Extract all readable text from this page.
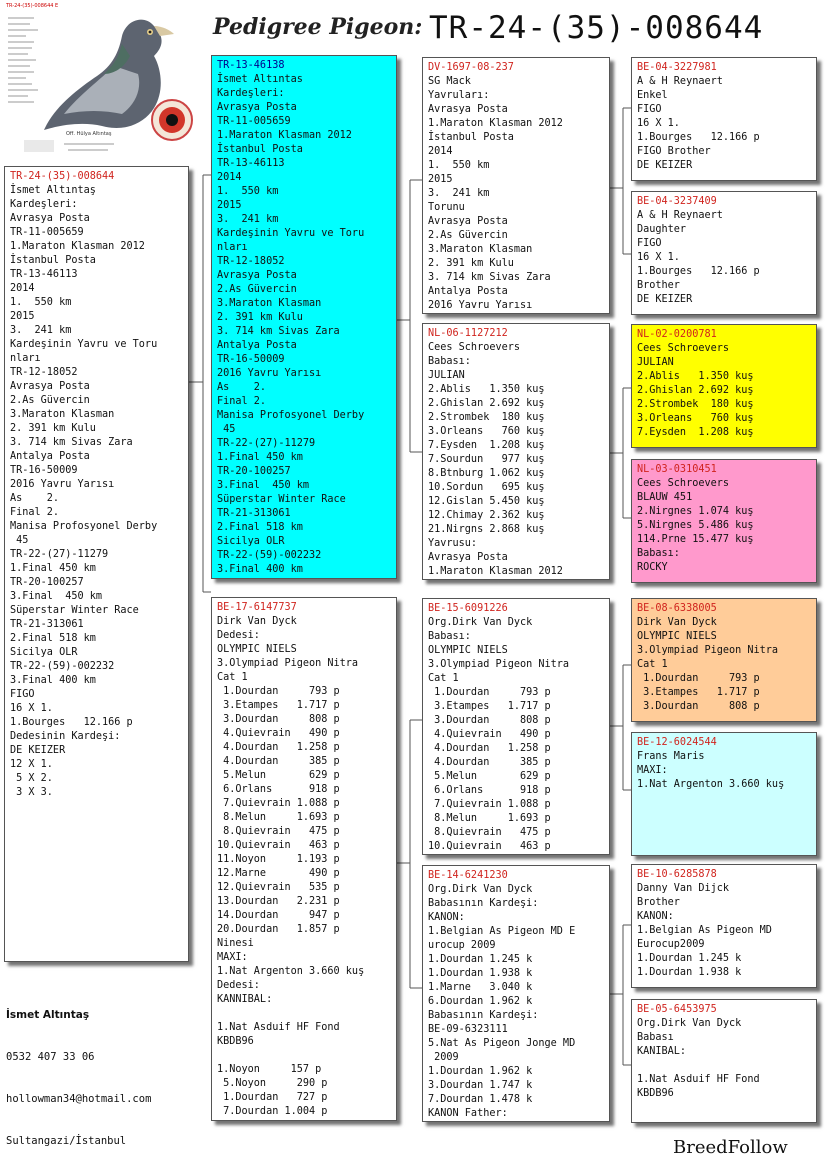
Pedigree Pigeon: TR-24-(35)-008644
TR-24-(35)-008644 E
Off. Hülya Altıntaş
TR-24-(35)-008644
İsmet Altıntaş
Kardeşleri:
Avrasya Posta
TR-11-005659
1.Maraton Klasman 2012
İstanbul Posta
TR-13-46113
2014
1.  550 km
2015
3.  241 km
Kardeşinin Yavru ve Toru
nları
TR-12-18052
Avrasya Posta
2.As Güvercin
3.Maraton Klasman
2. 391 km Kulu
3. 714 km Sivas Zara
Antalya Posta
TR-16-50009
2016 Yavru Yarısı
As    2.
Final 2.
Manisa Profosyonel Derby
45
TR-22-(27)-11279
1.Final 450 km
TR-20-100257
3.Final  450 km
Süperstar Winter Race
TR-21-313061
2.Final 518 km
Sicilya OLR
TR-22-(59)-002232
3.Final 400 km
FIGO
16 X 1.
1.Bourges   12.166 p
Dedesinin Kardeşi:
DE KEIZER
12 X 1.
5 X 2.
3 X 3.
TR-13-46138
İsmet Altıntas
Kardeşleri:
Avrasya Posta
TR-11-005659
1.Maraton Klasman 2012
İstanbul Posta
TR-13-46113
2014
1.  550 km
2015
3.  241 km
Kardeşinin Yavru ve Toru
nları
TR-12-18052
Avrasya Posta
2.As Güvercin
3.Maraton Klasman
2. 391 km Kulu
3. 714 km Sivas Zara
Antalya Posta
TR-16-50009
2016 Yavru Yarısı
As    2.
Final 2.
Manisa Profosyonel Derby
45
TR-22-(27)-11279
1.Final 450 km
TR-20-100257
3.Final  450 km
Süperstar Winter Race
TR-21-313061
2.Final 518 km
Sicilya OLR
TR-22-(59)-002232
3.Final 400 km
BE-17-6147737
Dirk Van Dyck
Dedesi:
OLYMPIC NIELS
3.Olympiad Pigeon Nitra
Cat 1
1.Dourdan     793 p
3.Etampes   1.717 p
3.Dourdan     808 p
4.Quievrain   490 p
4.Dourdan   1.258 p
4.Dourdan     385 p
5.Melun       629 p
6.Orlans      918 p
7.Quievrain 1.088 p
8.Melun     1.693 p
8.Quievrain   475 p
10.Quievrain   463 p
11.Noyon     1.193 p
12.Marne       490 p
12.Quievrain   535 p
13.Dourdan   2.231 p
14.Dourdan     947 p
20.Dourdan   1.857 p
Ninesi
MAXI:
1.Nat Argenton 3.660 kuş
Dedesi:
KANNIBAL:

1.Nat Asduif HF Fond
KBDB96

1.Noyon     157 p
5.Noyon     290 p
1.Dourdan   727 p
7.Dourdan 1.004 p
DV-1697-08-237
SG Mack
Yavruları:
Avrasya Posta
1.Maraton Klasman 2012
İstanbul Posta
2014
1.  550 km
2015
3.  241 km
Torunu
Avrasya Posta
2.As Güvercin
3.Maraton Klasman
2. 391 km Kulu
3. 714 km Sivas Zara
Antalya Posta
2016 Yavru Yarısı
NL-06-1127212
Cees Schroevers
Babası:
JULIAN
2.Ablis   1.350 kuş
2.Ghislan 2.692 kuş
2.Strombek  180 kuş
3.Orleans   760 kuş
7.Eysden  1.208 kuş
7.Sourdun   977 kuş
8.Btnburg 1.062 kuş
10.Sordun   695 kuş
12.Gislan 5.450 kuş
12.Chimay 2.362 kuş
21.Nirgns 2.868 kuş
Yavrusu:
Avrasya Posta
1.Maraton Klasman 2012
BE-15-6091226
Org.Dirk Van Dyck
Babası:
OLYMPIC NIELS
3.Olympiad Pigeon Nitra
Cat 1
1.Dourdan     793 p
3.Etampes   1.717 p
3.Dourdan     808 p
4.Quievrain   490 p
4.Dourdan   1.258 p
4.Dourdan     385 p
5.Melun       629 p
6.Orlans      918 p
7.Quievrain 1.088 p
8.Melun     1.693 p
8.Quievrain   475 p
10.Quievrain   463 p
BE-14-6241230
Org.Dirk Van Dyck
Babasının Kardeşi:
KANON:
1.Belgian As Pigeon MD E
urocup 2009
1.Dourdan 1.245 k
1.Dourdan 1.938 k
1.Marne   3.040 k
6.Dourdan 1.962 k
Babasının Kardeşi:
BE-09-6323111
5.Nat As Pigeon Jonge MD
2009
1.Dourdan 1.962 k
3.Dourdan 1.747 k
7.Dourdan 1.478 k
KANON Father:
BE-04-3227981
A & H Reynaert
Enkel
FIGO
16 X 1.
1.Bourges   12.166 p
FIGO Brother
DE KEIZER
BE-04-3237409
A & H Reynaert
Daughter
FIGO
16 X 1.
1.Bourges   12.166 p
Brother
DE KEIZER
NL-02-0200781
Cees Schroevers
JULIAN
2.Ablis   1.350 kuş
2.Ghislan 2.692 kuş
2.Strombek  180 kuş
3.Orleans   760 kuş
7.Eysden  1.208 kuş
NL-03-0310451
Cees Schroevers
BLAUW 451
2.Nirgnes 1.074 kuş
5.Nirgnes 5.486 kuş
114.Prne 15.477 kuş
Babası:
ROCKY
BE-08-6338005
Dirk Van Dyck
OLYMPIC NIELS
3.Olympiad Pigeon Nitra
Cat 1
1.Dourdan     793 p
3.Etampes   1.717 p
3.Dourdan     808 p
BE-12-6024544
Frans Maris
MAXI:
1.Nat Argenton 3.660 kuş
BE-10-6285878
Danny Van Dijck
Brother
KANON:
1.Belgian As Pigeon MD
Eurocup2009
1.Dourdan 1.245 k
1.Dourdan 1.938 k
BE-05-6453975
Org.Dirk Van Dyck
Babası
KANIBAL:

1.Nat Asduif HF Fond
KBDB96

İsmet Altıntaş

0532 407 33 06

hollowman34@hotmail.com

Sultangazi/İstanbul	BreedFollow
